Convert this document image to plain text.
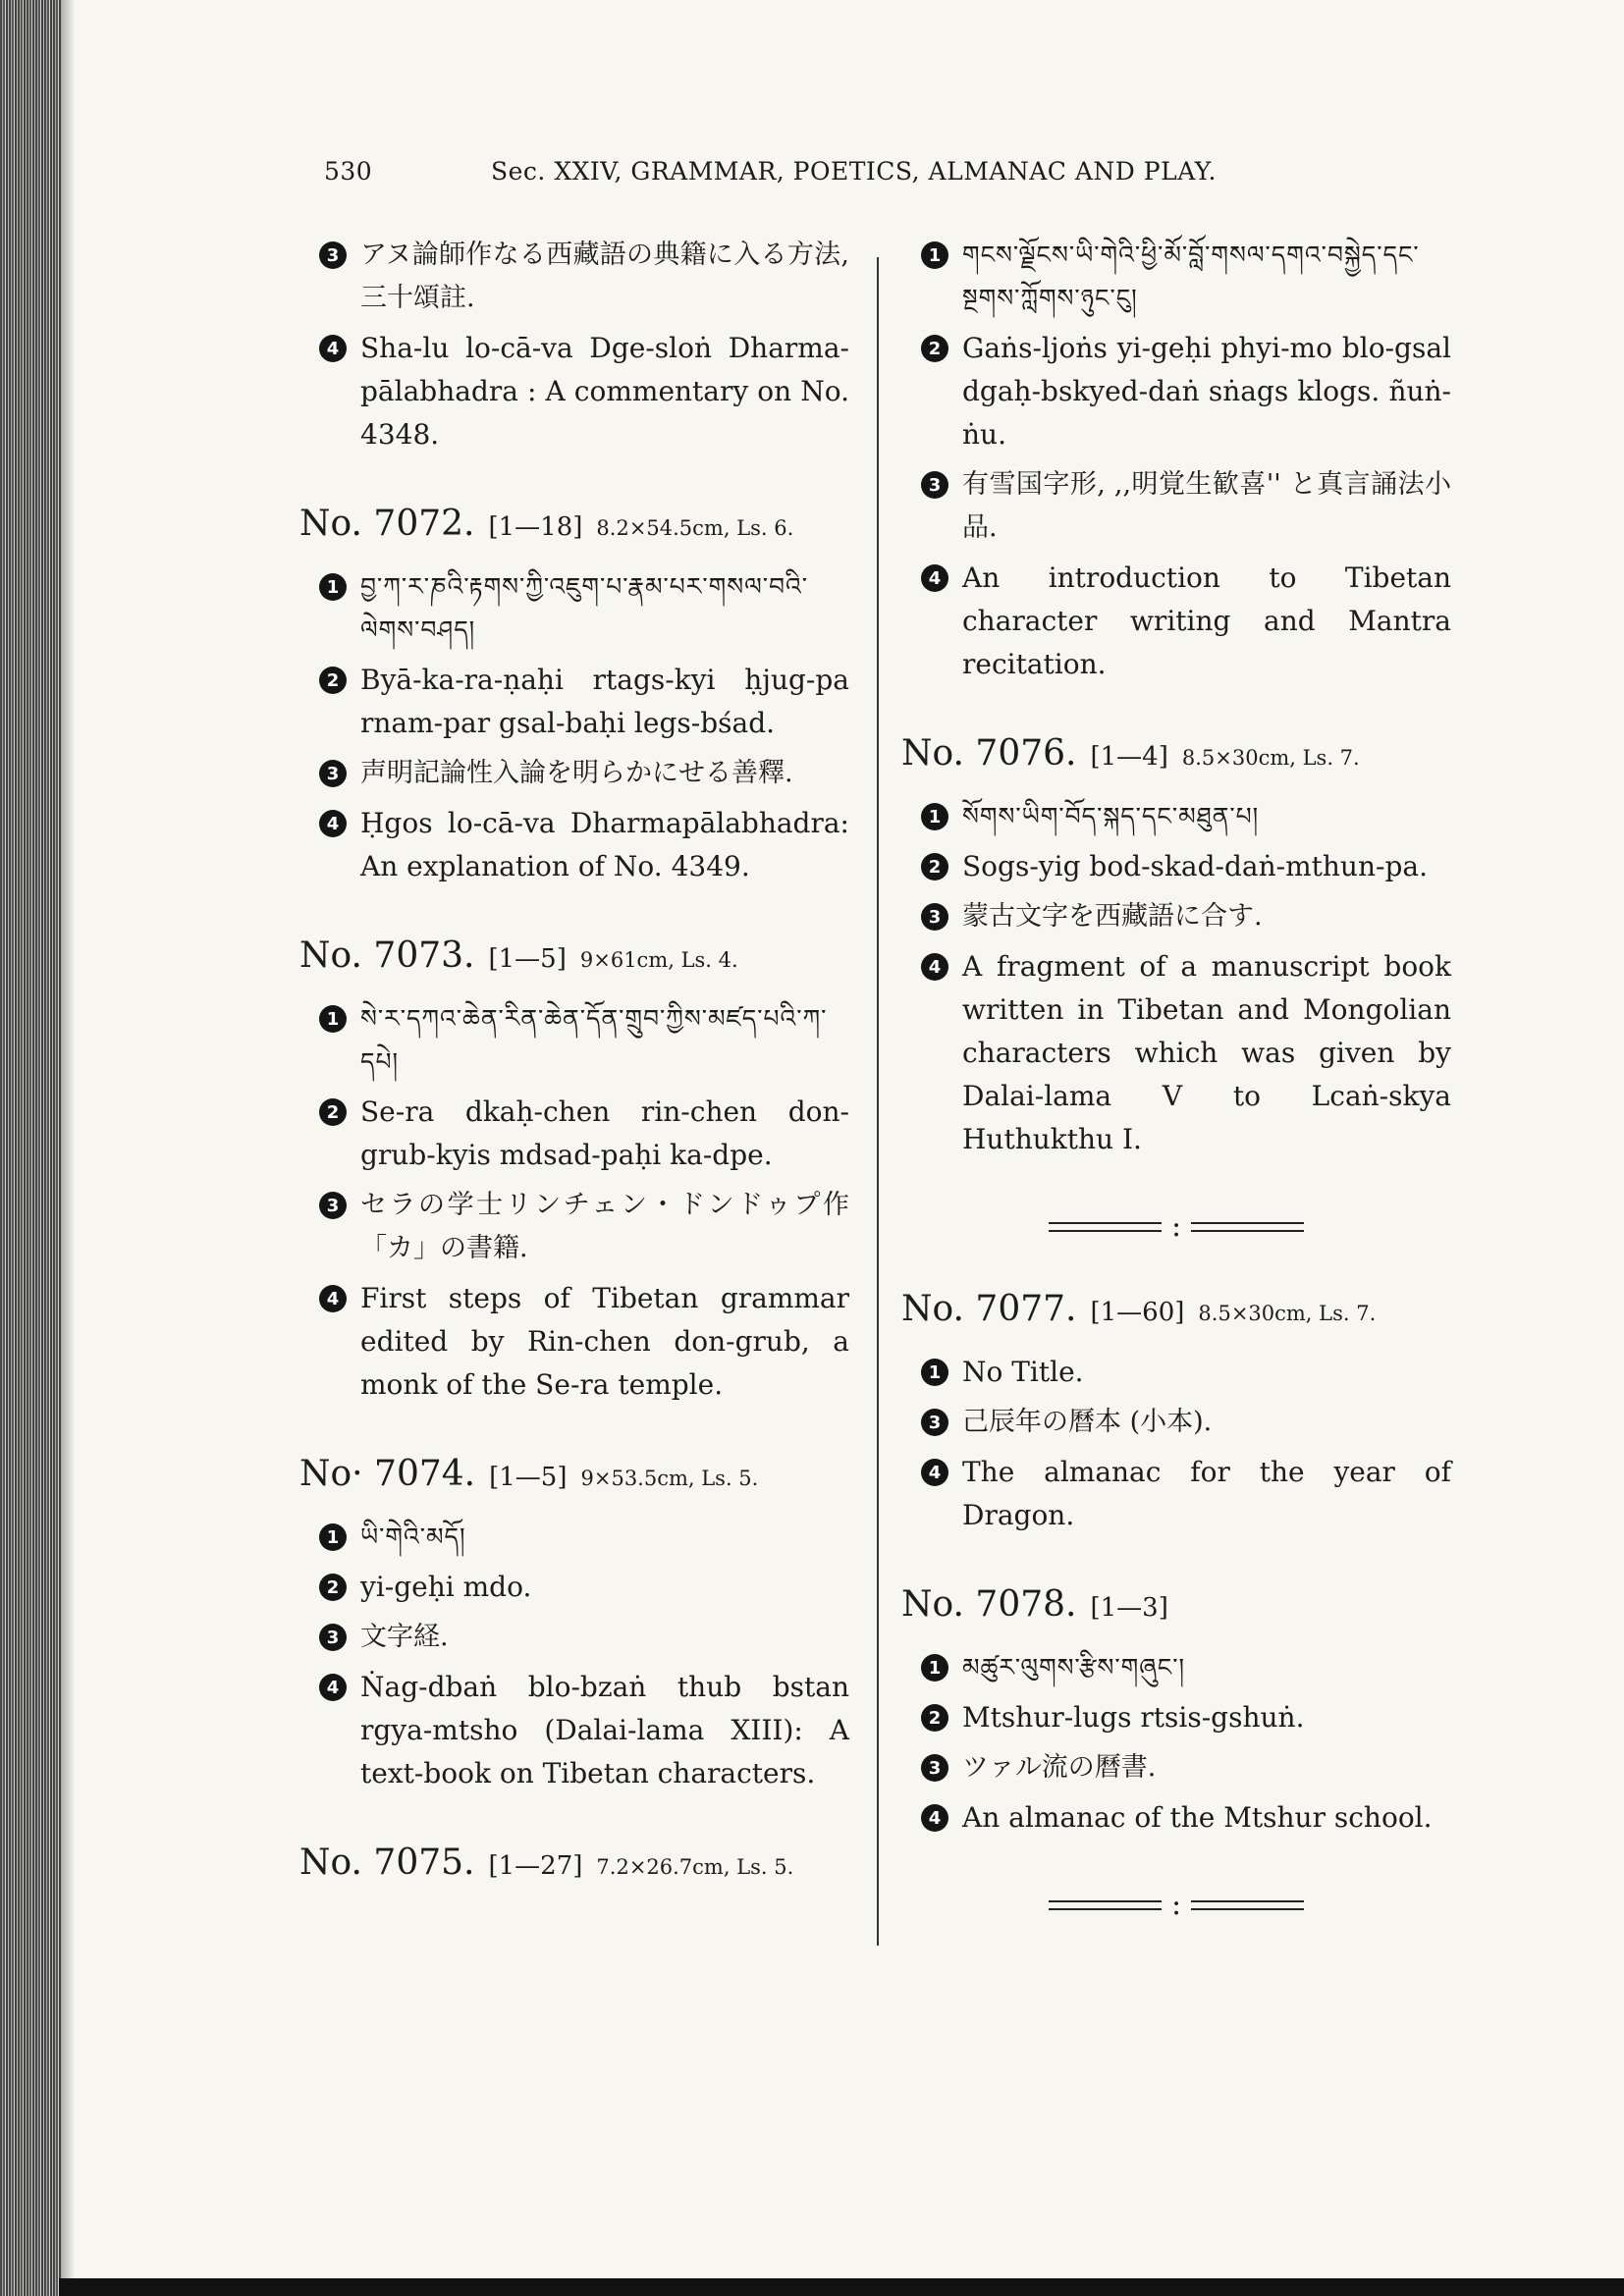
530	Sec. XXIV, GRAMMAR, POETICS, ALMANAC AND PLAY.
3 アヌ論師作なる西藏語の典籍に入る方法, 三十頌註.
4 Sha-lu lo-cā-va Dge-sloṅ Dharma-pālabhadra : A commentary on No. 4348.
No. 7072. [1—18] 8.2×54.5cm, Ls. 6.
1 བྱ་ཀ་ར་ཎའི་རྟགས་ཀྱི་འཇུག་པ་རྣམ་པར་གསལ་བའི་ལེགས་བཤད།
2 Byā-ka-ra-ṇaḥi rtags-kyi ḥjug-pa rnam-par gsal-baḥi legs-bśad.
3 声明記論性入論を明らかにせる善釋.
4 Ḥgos lo-cā-va Dharmapālabhadra: An explanation of No. 4349.
No. 7073. [1—5] 9×61cm, Ls. 4.
1 སེ་ར་དཀའ་ཆེན་རིན་ཆེན་དོན་གྲུབ་ཀྱིས་མཛད་པའི་ཀ་དཔེ།
2 Se-ra dkaḥ-chen rin-chen don-grub-kyis mdsad-paḥi ka-dpe.
3 セラの学士リンチェン・ドンドゥプ作「カ」の書籍.
4 First steps of Tibetan grammar edited by Rin-chen don-grub, a monk of the Se-ra temple.
No· 7074. [1—5] 9×53.5cm, Ls. 5.
1 ཡི་གེའི་མདོ།
2 yi-geḥi mdo.
3 文字経.
4 Ṅag-dbaṅ blo-bzaṅ thub bstan rgya-mtsho (Dalai-lama XIII): A text-book on Tibetan characters.
No. 7075. [1—27] 7.2×26.7cm, Ls. 5.
1 གངས་ལྗོངས་ཡི་གེའི་ཕྱི་མོ་བློ་གསལ་དགའ་བསྐྱེད་དང་སྔགས་ཀློགས་ཉུང་ངུ།
2 Gaṅs-ljoṅs yi-geḥi phyi-mo blo-gsal dgaḥ-bskyed-daṅ sṅags klogs. ñuṅ-ṅu.
3 有雪国字形, ,,明覚生歓喜'' と真言誦法小品.
4 An introduction to Tibetan character writing and Mantra recitation.
No. 7076. [1—4] 8.5×30cm, Ls. 7.
1 སོགས་ཡིག་བོད་སྐད་དང་མཐུན་པ།
2 Sogs-yig bod-skad-daṅ-mthun-pa.
3 蒙古文字を西藏語に合す.
4 A fragment of a manuscript book written in Tibetan and Mongolian characters which was given by Dalai-lama V to Lcaṅ-skya Huthukthu I.
:
No. 7077. [1—60] 8.5×30cm, Ls. 7.
1 No Title.
3 己辰年の曆本 (小本).
4 The almanac for the year of Dragon.
No. 7078. [1—3]
1 མཚུར་ལུགས་རྩིས་གཞུང་།
2 Mtshur-lugs rtsis-gshuṅ.
3 ツァル流の曆書.
4 An almanac of the Mtshur school.
:
